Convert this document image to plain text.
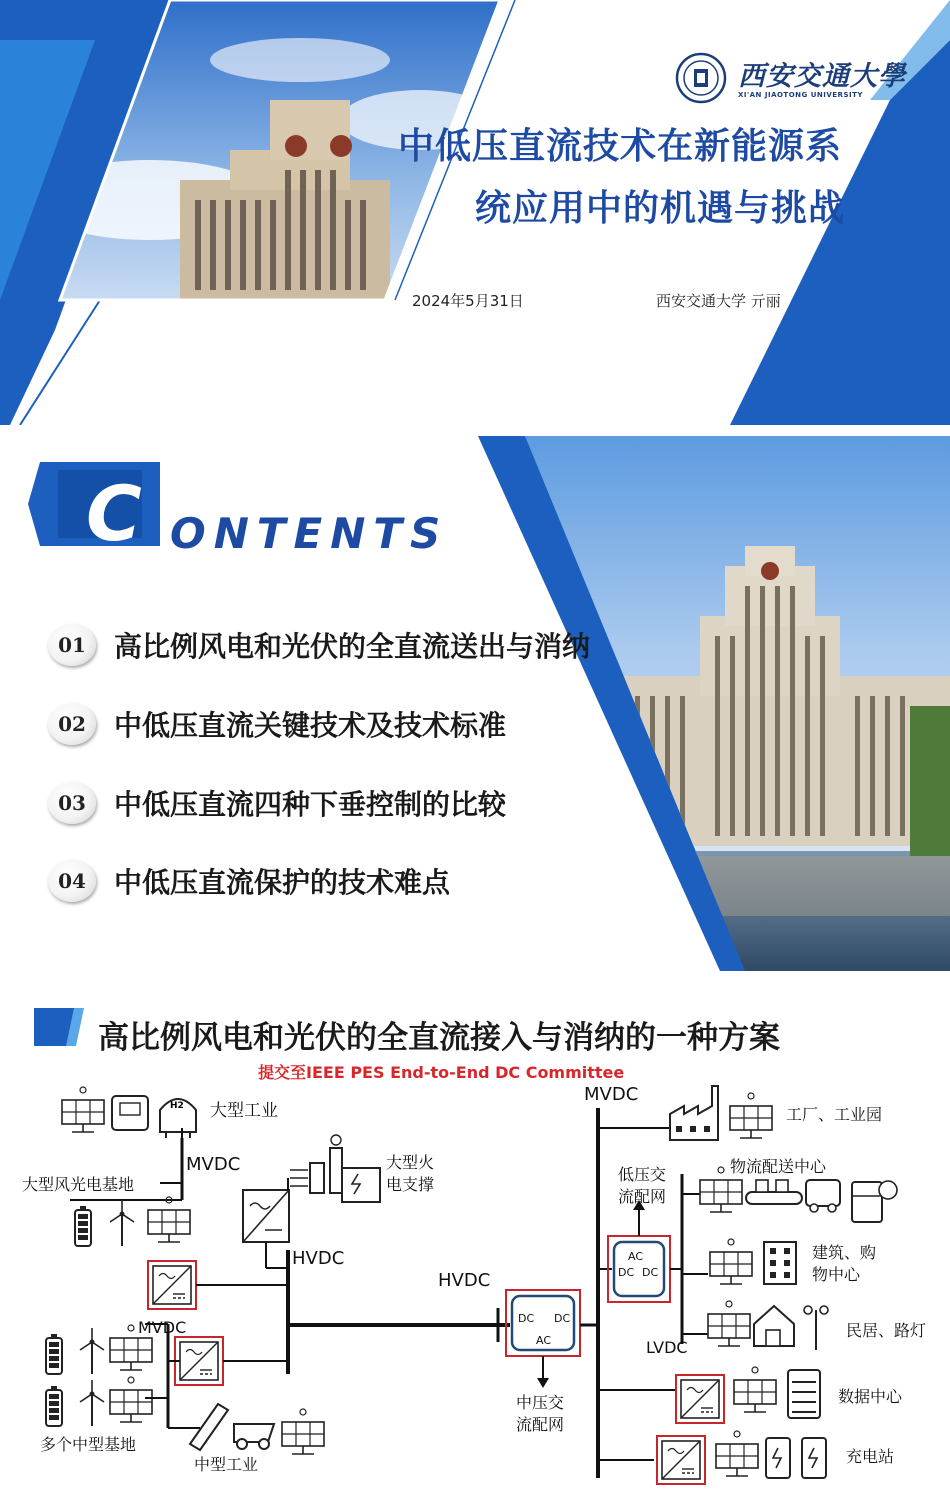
西安交通大學
XI'AN JIAOTONG UNIVERSITY
中低压直流技术在新能源系
统应用中的机遇与挑战
2024年5月31日	西安交通大学 亓丽
C ONTENTS
01	高比例风电和光伏的全直流送出与消纳
02	中低压直流关键技术及技术标准
03	中低压直流四种下垂控制的比较
04	中低压直流保护的技术难点
H2
高比例风电和光伏的全直流接入与消纳的一种方案
提交至IEEE PES End-to-End DC Committee
大型工业
MVDC
大型风光电基地
大型火
电支撑
HVDC
MVDC
多个中型基地
中型工业
HVDC
中压交
流配网
MVDC
低压交
流配网
工厂、工业园
物流配送中心
建筑、购
物中心
民居、路灯
LVDC
数据中心
充电站
DC DC
AC
AC
DC DC
